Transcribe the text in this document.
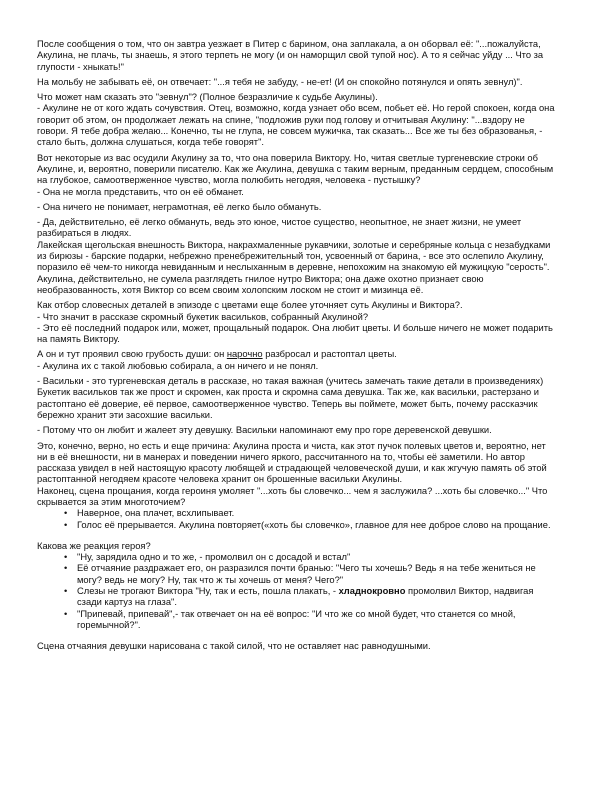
После сообщения о том, что он завтра уезжает в Питер с барином, она заплакала, а он оборвал её: "...пожалуйста, Акулина, не плачь, ты знаешь, я этого терпеть не могу (и он наморщил свой тупой нос). А то я сейчас уйду ... Что за глупости - хныкать!"

На мольбу не забывать её, он отвечает: "...я тебя не забуду, - не-ет! (И он спокойно потянулся и опять зевнул)".

Что может нам сказать это "зевнул"? (Полное безразличие к судьбе Акулины).

- Акулине не от кого ждать сочувствия. Отец, возможно, когда узнает обо всем, побьет её. Но герой спокоен, когда она говорит об этом, он продолжает лежать на спине, "подложив руки под голову и отчитывая Акулину: "...вздору не говори. Я тебе добра желаю... Конечно, ты не глупа, не совсем мужичка, так сказать... Все же ты без образованья, - стало быть, должна слушаться, когда тебе говорят".

Вот некоторые из вас осудили Акулину за то, что она поверила Виктору. Но, читая светлые тургеневские строки об Акулине, и, вероятно, поверили писателю. Как же Акулина, девушка с таким верным, преданным сердцем, способным на глубокое, самоотверженное чувство, могла полюбить негодяя, человека - пустышку?

- Она не могла представить, что он её обманет.

- Она ничего не понимает, неграмотная, её легко было обмануть.

- Да, действительно, её легко обмануть, ведь это юное, чистое существо, неопытное, не знает жизни, не умеет разбираться в людях.

Лакейская щегольская внешность Виктора, накрахмаленные рукавчики, золотые и серебряные кольца с незабудками из бирюзы - барские подарки, небрежно пренебрежительный тон, усвоенный от барина, - все это ослепило Акулину, поразило её чем-то никогда невиданным и неслыханным в деревне, непохожим на знакомую ей мужицкую "серость". Акулина, действительно, не сумела разглядеть гнилое нутро Виктора; она даже охотно признает свою необразованность, хотя Виктор со всем своим холопским лоском не стоит и мизинца её.

Как отбор словесных деталей в эпизоде с цветами еще более уточняет суть Акулины и Виктора?.

- Что значит в рассказе скромный букетик васильков, собранный Акулиной?

- Это её последний подарок или, может, прощальный подарок. Она любит цветы. И больше ничего не может подарить на память Виктору.

А он и тут проявил свою грубость души: он нарочно разбросал и растоптал цветы.

- Акулина их с такой любовью собирала, а он ничего и не понял.

- Васильки - это тургеневская деталь в рассказе, но такая важная (учитесь замечать такие детали в произведениях) Букетик васильков так же прост и скромен, как проста и скромна сама девушка. Так же, как васильки, растерзано и растоптано её доверие, её первое, самоотверженное чувство. Теперь вы поймете, может быть, почему рассказчик бережно хранит эти засохшие васильки.

- Потому что он любит и жалеет эту девушку. Васильки напоминают ему про горе деревенской девушки.

Это, конечно, верно, но есть и еще причина: Акулина проста и чиста, как этот пучок полевых цветов и, вероятно, нет ни в её внешности, ни в манерах и поведении ничего яркого, рассчитанного на то, чтобы её заметили. Но автор рассказа увидел в ней настоящую красоту любящей и страдающей человеческой души, и как жгучую память об этой растоптанной негодяем красоте человека хранит он брошенные васильки Акулины.

Наконец, сцена прощания, когда героиня умоляет "...хоть бы словечко... чем я заслужила? ...хоть бы словечко..." Что скрывается за этим многоточием?

• Наверное, она плачет, всхлипывает.
• Голос её прерывается. Акулина повторяет(«хоть бы словечко», главное для нее доброе слово на прощание.

Какова же реакция героя?

• "Ну, зарядила одно и то же, - промолвил он с досадой и встал"
• Её отчаяние раздражает его, он разразился почти бранью: "Чего ты хочешь? Ведь я на тебе жениться не могу? ведь не могу? Ну, так что ж ты хочешь от меня? Чего?"
• Слезы не трогают Виктора "Ну, так и есть, пошла плакать, - хладнокровно промолвил Виктор, надвигая сзади картуз на глаза".
• "Припевай, припевай",- так отвечает он на её вопрос: "И что же со мной будет, что станется со мной, горемычной?".

Сцена отчаяния девушки нарисована с такой силой, что не оставляет нас равнодушными.
